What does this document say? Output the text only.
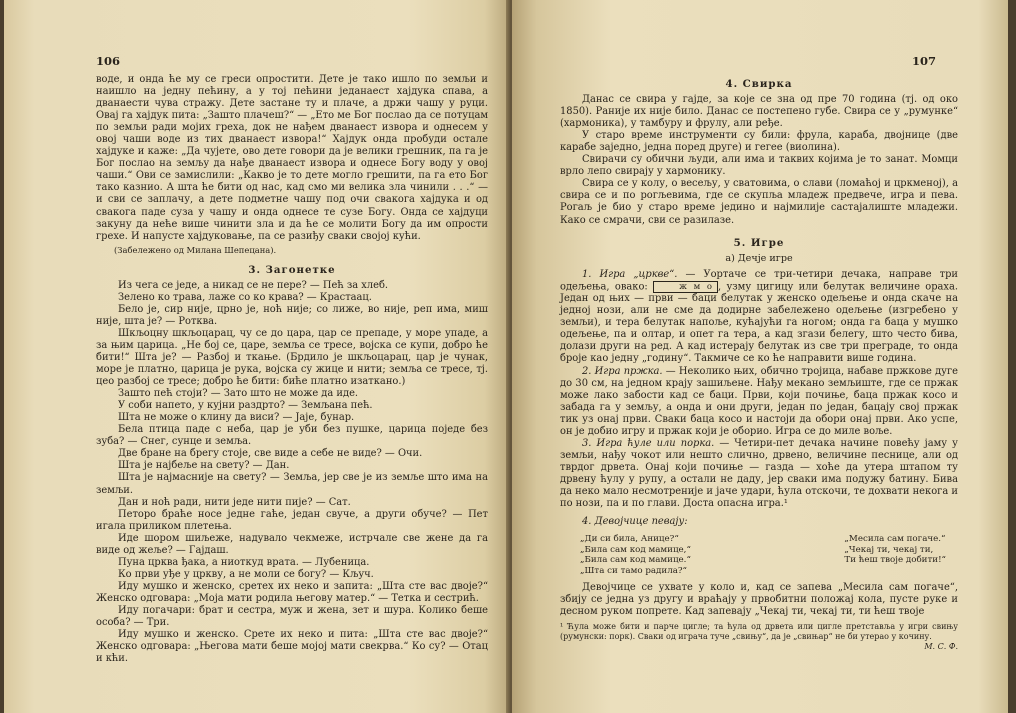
106

воде, и онда ће му се греси опростити. Дете је тако ишло по земљи и наишло на једну пећину, а у тој пећини једанаест хајдука спава, а дванаести чува стражу. Дете застане ту и плаче, а држи чашу у руци. Овај га хајдук пита: „Зашто плачеш?“ — „Ето ме Бог послао да се потуцам по земљи ради мојих греха, док не нађем дванаест извора и однесем у овој чаши воде из тих дванаест извора!“ Хајдук онда пробуди остале хајдуке и каже: „Да чујете, ово дете говори да је велики грешник, па га је Бог послао на земљу да нађе дванаест извора и однесе Богу воду у овој чаши.“ Ови се замислили: „Какво је то дете могло грешити, па га ето Бог тако казнио. А шта ће бити од нас, кад смо ми велика зла чинили . . .“ — и сви се заплачу, а дете подметне чашу под очи свакога хајдука и од свакога паде суза у чашу и онда однесе те сузе Богу. Онда се хајдуци закуну да неће више чинити зла и да ће се молити Богу да им опрости грехе. И напусте хајдуковање, па се разиђу сваки својој кући.

(Забележено од Милана Шепецана).
3. Загонетке

Из чега се једе, а никад се не пере? — Пећ за хлеб.

Зелено ко трава, лаже со ко крава? — Крастаац.

Бело је, сир није, црно је, ноћ није; со лиже, во није, реп има, миш није, шта је? — Ротква.

Шкљоцну шкљоцарац, чу се до цара, цар се препаде, у море упаде, а за њим царица. „Не бој се, царе, земља се тресе, војска се купи, добро ће бити!“ Шта је? — Разбој и ткање. (Брдило је шкљоцарац, цар је чунак, море је платно, царица је рука, војска су жице и нити; земља се тресе, тј. цео разбој се тресе; добро ће бити: биће платно изаткано.)

Зашто пећ стоји? — Зато што не може да иде.

У соби напето, у кујни раздрто? — Земљана пећ.

Шта не може о клину да виси? — Јаје, бунар.

Бела птица паде с неба, цар је уби без пушке, царица поједе без зуба? — Снег, сунце и земља.

Две бране на брегу стоје, све виде а себе не виде? — Очи.

Шта је најбеље на свету? — Дан.

Шта је најмасније на свету? — Земља, јер све је из земље што има на земљи.

Дан и ноћ ради, нити једе нити пије? — Сат.

Петоро браће носе једне гаће, један свуче, а други обуче? — Пет игала приликом плетења.

Иде шором шиљеже, надувало чекмеже, истрчале све жене да га виде од жеље? — Гајдаш.

Пуна црква ђака, а ниоткуд врата. — Лубеница.

Ко први уђе у цркву, а не моли се богу? — Кључ.

Иду мушко и женско, сретех их неко и запита: „Шта сте вас двоје?“ Женско одговара: „Моја мати родила његову матер.“ — Тетка и сестрић.

Иду погачари: брат и сестра, муж и жена, зет и шура. Колико беше особа? — Три.

Иду мушко и женско. Срете их неко и пита: „Шта сте вас двоје?“ Женско одговара: „Његова мати беше мојој мати свекрва.“ Ко су? — Отац и кћи.

107
4. Свирка

Данас се свира у гајде, за које се зна од пре 70 година (тј. од око 1850). Раније их није било. Данас се постепено губе. Свира се у „румунке“ (хармоника), у тамбуру и фрулу, али ређе.

У старо време инструменти су били: фрула, карабa, двојнице (две карабе заједно, једна поред друге) и гегеe (виолина).

Свирачи су обични људи, али има и таквих којима је то занат. Момци врло лепо свирају у хармонику.

Свира се у колу, о весељу, у сватовима, о слави (ломаћој и цркменој), а свира се и по рогљевима, где се скупља младеж предвече, игра и пева. Рогаљ је био у старо време једино и најмилије састајалиште младежи. Како се смрачи, сви се разилазе.

5. Игре
а) Дечје игре

1. Игра „цркве“. — Уортаче се три-четири дечака, направе три одељења, овако:	ж м о , узму цигицу или белутак величине ораха. Један од њих — први — баци белутак у женско одељење и онда скаче на једној нози, али не сме да додирне забележено одељење (изгребено у земљи), и тера белутак напоље, кућајући га ногом; онда га баца у мушко одељење, па и олтар, и опет га тера, а кад згази белегу, што често бива, долази други на ред. А кад истерају белутак из све три преграде, то онда броје као једну „годину“. Такмиче се ко ће направити више година.

2. Игра пржка. — Неколико њих, обично тројица, набаве пржкове дуге до 30 см, на једном крају зашиљене. Нађу мекано земљиште, где се пржак може лако забости кад се баци. Први, који почиње, баца пржак косо и забада га у земљу, а онда и они други, један по један, бацају свој пржак тик уз онај први. Сваки баца косо и настоји да обори онај први. Ако успе, он је добио игру и пржак који је оборио. Игра се до миле воље.

3. Игра ћуле или порка. — Четири-пет дечака начине повећу јаму у земљи, нађу чокот или нешто слично, дрвено, величине песнице, али од тврдог дрвета. Онај који почиње — газда — хоће да утера штапом ту дрвену ћулу у рупу, а остали не даду, јер сваки има подужу батину. Бива да неко мало несмотреније и јаче удари, ћула отскочи, те дохвати некога и по нози, па и по глави. Доста опасна игра.¹

4. Девојчице певају:

„Ди си била, Анице?“
„Била сам код мамице,“
„Била сам код мамице.“
„Шта си тамо радила?“
„Месила сам погаче.“
„Чекај ти, чекај ти,
Ти ћеш твоје добити!“

Девојчице се ухвате у коло и, кад се запева „Месила сам погаче“, збију се једна уз другу и враћају у првобитни положај кола, пусте руке и десном руком попрете. Кад запевају „Чекај ти, чекај ти, ти ћеш твоје

¹ Ћула може бити и парче цигле; та ћула од дрвета или цигле претставља у игри свињу (румунски: порк). Сваки од играча туче „свињу“, да је „свињар“ не би утерао у кочину.
М. С. Ф.
